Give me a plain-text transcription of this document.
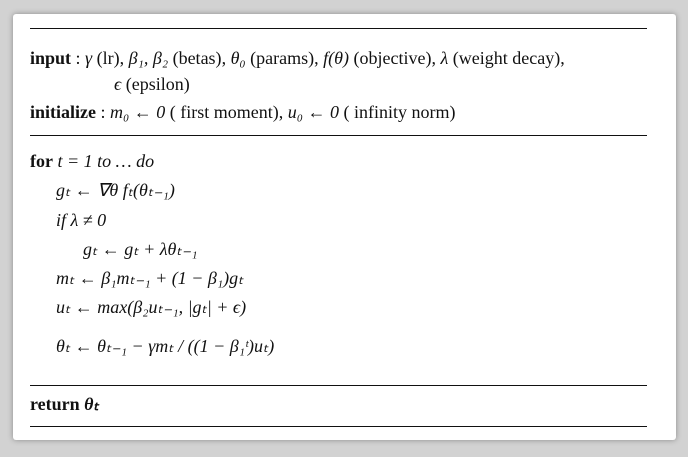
input : γ (lr), β₁, β₂ (betas), θ₀ (params), f(θ) (objective), λ (weight decay),
ϵ (epsilon)
initialize : m₀ ← 0 ( first moment), u₀ ← 0 ( infinity norm)
for t = 1 to … do
gₜ ← ∇θ fₜ(θₜ₋₁)
if λ ≠ 0
gₜ ← gₜ + λθₜ₋₁
mₜ ← β₁mₜ₋₁ + (1 − β₁)gₜ
uₜ ← max(β₂uₜ₋₁, |gₜ| + ϵ)
θₜ ← θₜ₋₁ − γmₜ / ((1 − β₁ᵗ)uₜ)
return θₜ
